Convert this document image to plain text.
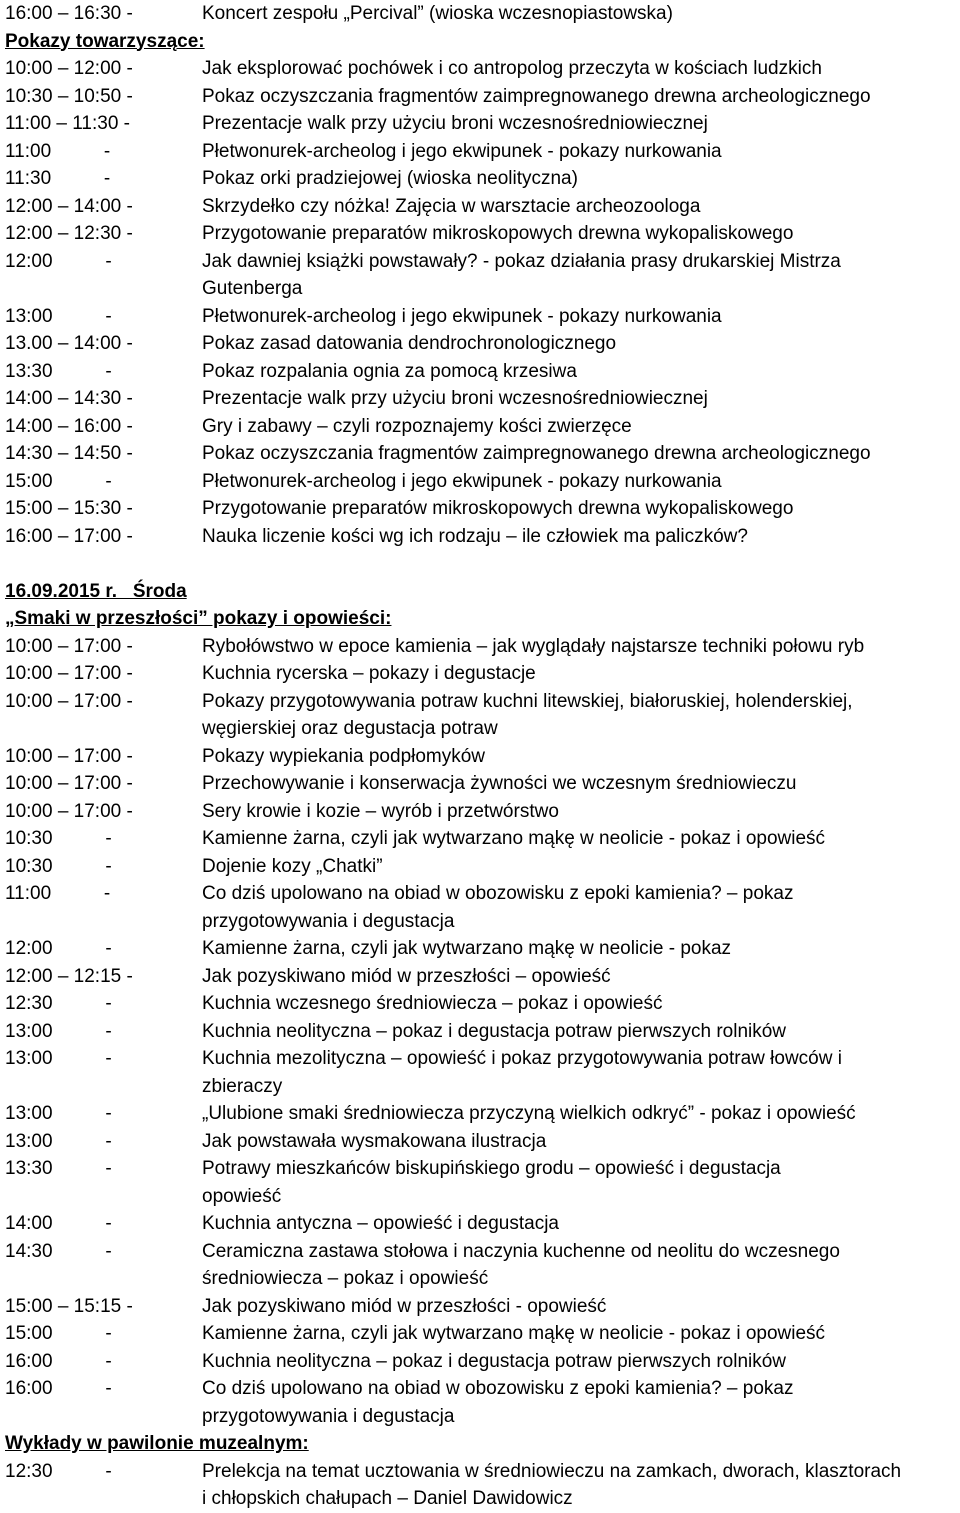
16:00 – 16:30 -	Koncert zespołu „Percival” (wioska wczesnopiastowska)
Pokazy towarzyszące:
10:00 – 12:00 -	Jak eksplorować pochówek i co antropolog przeczyta w kościach ludzkich
10:30 – 10:50 -	Pokaz oczyszczania fragmentów zaimpregnowanego drewna archeologicznego
11:00 – 11:30 -	Prezentacje walk przy użyciu broni wczesnośredniowiecznej
11:00          -	Płetwonurek-archeolog i jego ekwipunek - pokazy nurkowania
11:30          -	Pokaz orki pradziejowej (wioska neolityczna)
12:00 – 14:00 -	Skrzydełko czy nóżka! Zajęcia w warsztacie archeozoologa
12:00 – 12:30 -	Przygotowanie preparatów mikroskopowych drewna wykopaliskowego
12:00          -	Jak dawniej książki powstawały? - pokaz działania prasy drukarskiej Mistrza
Gutenberga
13:00          -	Płetwonurek-archeolog i jego ekwipunek - pokazy nurkowania
13.00 – 14:00 -	Pokaz zasad datowania dendrochronologicznego
13:30          -	Pokaz rozpalania ognia za pomocą krzesiwa
14:00 – 14:30 -	Prezentacje walk przy użyciu broni wczesnośredniowiecznej
14:00 – 16:00 -	Gry i zabawy – czyli rozpoznajemy kości zwierzęce
14:30 – 14:50 -	Pokaz oczyszczania fragmentów zaimpregnowanego drewna archeologicznego
15:00          -	Płetwonurek-archeolog i jego ekwipunek - pokazy nurkowania
15:00 – 15:30 -	Przygotowanie preparatów mikroskopowych drewna wykopaliskowego
16:00 – 17:00 -	Nauka liczenie kości wg ich rodzaju – ile człowiek ma paliczków?
16.09.2015 r.   Środa
„Smaki w przeszłości” pokazy i opowieści:
10:00 – 17:00 -	Rybołówstwo w epoce kamienia – jak wyglądały najstarsze techniki połowu ryb
10:00 – 17:00 -	Kuchnia rycerska – pokazy i degustacje
10:00 – 17:00 -	Pokazy przygotowywania potraw kuchni litewskiej, białoruskiej, holenderskiej,
węgierskiej oraz degustacja potraw
10:00 – 17:00 -	Pokazy wypiekania podpłomyków
10:00 – 17:00 -	Przechowywanie i konserwacja żywności we wczesnym średniowieczu
10:00 – 17:00 -	Sery krowie i kozie – wyrób i przetwórstwo
10:30          -	Kamienne żarna, czyli jak wytwarzano mąkę w neolicie - pokaz i opowieść
10:30          -	Dojenie kozy „Chatki”
11:00          -	Co dziś upolowano na obiad w obozowisku z epoki kamienia? – pokaz
przygotowywania i degustacja
12:00          -	Kamienne żarna, czyli jak wytwarzano mąkę w neolicie - pokaz
12:00 – 12:15 -	Jak pozyskiwano miód w przeszłości – opowieść
12:30          -	Kuchnia wczesnego średniowiecza – pokaz i opowieść
13:00          -	Kuchnia neolityczna – pokaz i degustacja potraw pierwszych rolników
13:00          -	Kuchnia mezolityczna – opowieść i pokaz przygotowywania potraw łowców i
zbieraczy
13:00          -	„Ulubione smaki średniowiecza przyczyną wielkich odkryć” - pokaz i opowieść
13:00          -	Jak powstawała wysmakowana ilustracja
13:30          -	Potrawy mieszkańców biskupińskiego grodu – opowieść i degustacja
opowieść
14:00          -	Kuchnia antyczna – opowieść i degustacja
14:30          -	Ceramiczna zastawa stołowa i naczynia kuchenne od neolitu do wczesnego
średniowiecza – pokaz i opowieść
15:00 – 15:15 -	Jak pozyskiwano miód w przeszłości - opowieść
15:00          -	Kamienne żarna, czyli jak wytwarzano mąkę w neolicie - pokaz i opowieść
16:00          -	Kuchnia neolityczna – pokaz i degustacja potraw pierwszych rolników
16:00          -	Co dziś upolowano na obiad w obozowisku z epoki kamienia? – pokaz
przygotowywania i degustacja
Wykłady w pawilonie muzealnym:
12:30          -	Prelekcja na temat ucztowania w średniowieczu na zamkach, dworach, klasztorach
i chłopskich chałupach – Daniel Dawidowicz
